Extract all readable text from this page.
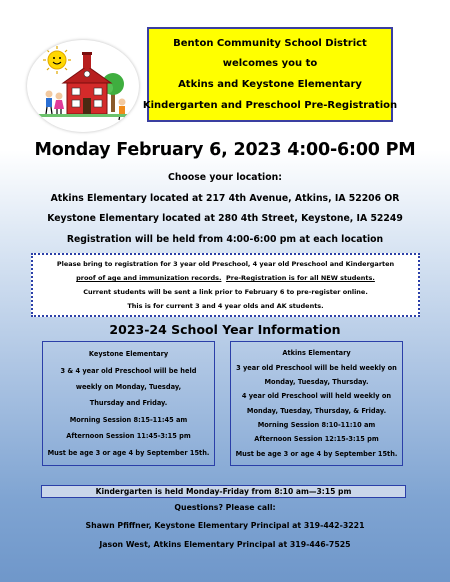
Benton Community School District
welcomes you to
Atkins and Keystone Elementary
Kindergarten and Preschool Pre-Registration
Monday February 6, 2023 4:00-6:00 PM
Choose your location:
Atkins Elementary located at 217 4th Avenue, Atkins, IA 52206 OR
Keystone Elementary located at 280 4th Street, Keystone, IA 52249
Registration will be held from 4:00-6:00 pm at each location
Please bring to registration for 3 year old Preschool, 4 year old Preschool and Kindergarten
proof of age and immunization records. Pre-Registration is for all NEW students.
Current students will be sent a link prior to February 6 to pre-register online.
This is for current 3 and 4 year olds and AK students.
2023-24 School Year Information
Keystone Elementary
3 & 4 year old Preschool will be held
weekly on Monday, Tuesday,
Thursday and Friday.
Morning Session 8:15-11:45 am
Afternoon Session 11:45-3:15 pm
Must be age 3 or age 4 by September 15th.
Atkins Elementary
3 year old Preschool will be held weekly on
Monday, Tuesday, Thursday.
4 year old Preschool will held weekly on
Monday, Tuesday, Thursday, & Friday.
Morning Session 8:10-11:10 am
Afternoon Session 12:15-3:15 pm
Must be age 3 or age 4 by September 15th.
Kindergarten is held Monday-Friday from 8:10 am—3:15 pm
Questions? Please call:
Shawn Pfiffner, Keystone Elementary Principal at 319-442-3221
Jason West, Atkins Elementary Principal at 319-446-7525
